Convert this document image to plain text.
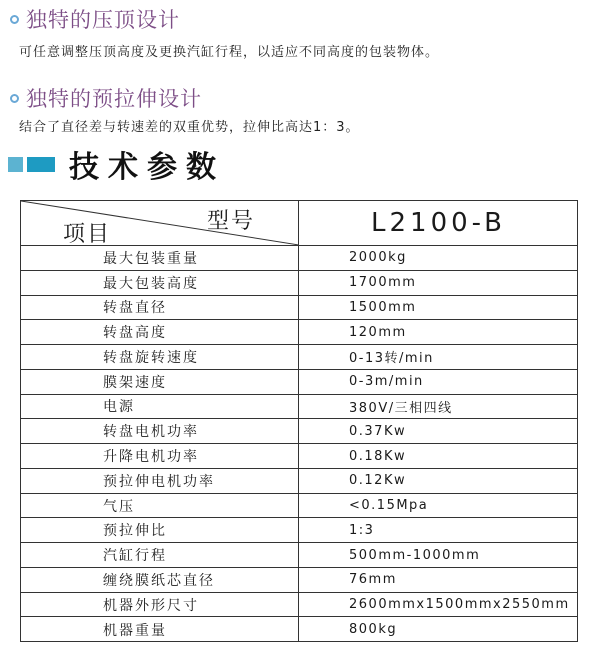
独特的压顶设计
可任意调整压顶高度及更换汽缸行程，以适应不同高度的包装物体。
独特的预拉伸设计
结合了直径差与转速差的双重优势，拉伸比高达1：3。
技术参数
项目
型号	L2100-B
最大包装重量	2000kg
最大包装高度	1700mm
转盘直径	1500mm
转盘高度	120mm
转盘旋转速度	0-13转/min
膜架速度	0-3m/min
电源	380V/三相四线
转盘电机功率	0.37Kw
升降电机功率	0.18Kw
预拉伸电机功率	0.12Kw
气压	<0.15Mpa
预拉伸比	1:3
汽缸行程	500mm-1000mm
缠绕膜纸芯直径	76mm
机器外形尺寸	2600mmx1500mmx2550mm
机器重量	800kg
